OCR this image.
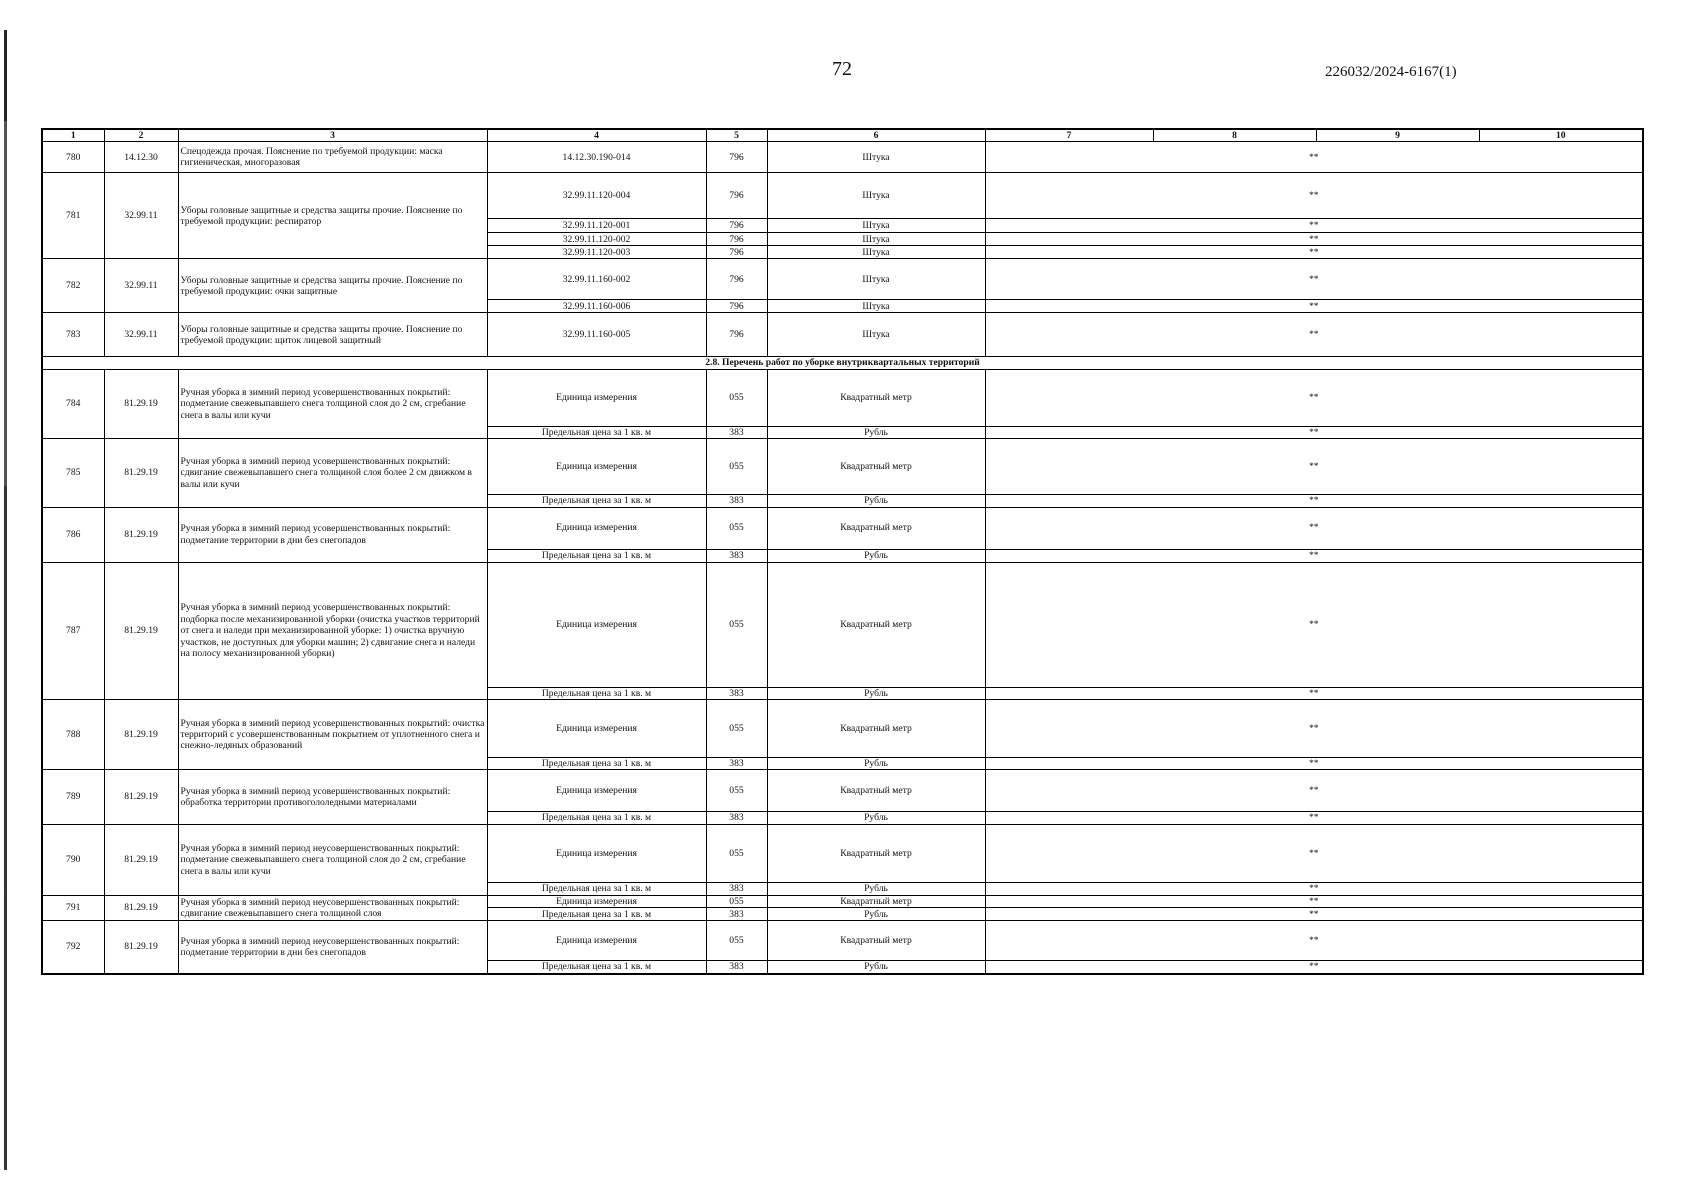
72	226032/2024-6167(1)
1	2	3	4	5	6	7	8	9	10
780	14.12.30	Спецодежда прочая. Пояснение по требуемой продукции: маска гигиеническая, многоразовая	14.12.30.190-014	796	Штука	**			
781	32.99.11	Уборы головные защитные и средства защиты прочие. Пояснение по требуемой продукции: респиратор	32.99.11.120-004	796	Штука	**			
			32.99.11.120-001	796	Штука	**			
			32.99.11.120-002	796	Штука	**			
			32.99.11.120-003	796	Штука	**			
782	32.99.11	Уборы головные защитные и средства защиты прочие. Пояснение по требуемой продукции: очки защитные	32.99.11.160-002	796	Штука	**			
			32.99.11.160-006	796	Штука	**			
783	32.99.11	Уборы головные защитные и средства защиты прочие. Пояснение по требуемой продукции: щиток лицевой защитный	32.99.11.160-005	796	Штука	**			
2.8. Перечень работ по уборке внутриквартальных территорий									
784	81.29.19	Ручная уборка в зимний период усовершенствованных покрытий: подметание свежевыпавшего снега толщиной слоя до 2 см, сгребание снега в валы или кучи	Единица измерения	055	Квадратный метр	**			
			Предельная цена за 1 кв. м	383	Рубль	**			
785	81.29.19	Ручная уборка в зимний период усовершенствованных покрытий: сдвигание свежевыпавшего снега толщиной слоя более 2 см движком в валы или кучи	Единица измерения	055	Квадратный метр	**			
			Предельная цена за 1 кв. м	383	Рубль	**			
786	81.29.19	Ручная уборка в зимний период усовершенствованных покрытий: подметание территории в дни без снегопадов	Единица измерения	055	Квадратный метр	**			
			Предельная цена за 1 кв. м	383	Рубль	**			
787	81.29.19	Ручная уборка в зимний период усовершенствованных покрытий: подборка после механизированной уборки (очистка участков территорий от снега и наледи при механизированной уборке: 1) очистка вручную участков, не доступных для уборки машин; 2) сдвигание снега и наледи на полосу механизированной уборки)	Единица измерения	055	Квадратный метр	**			
			Предельная цена за 1 кв. м	383	Рубль	**			
788	81.29.19	Ручная уборка в зимний период усовершенствованных покрытий: очистка территорий с усовершенствованным покрытием от уплотненного снега и снежно-ледяных образований	Единица измерения	055	Квадратный метр	**			
			Предельная цена за 1 кв. м	383	Рубль	**			
789	81.29.19	Ручная уборка в зимний период усовершенствованных покрытий: обработка территории противогололедными материалами	Единица измерения	055	Квадратный метр	**			
			Предельная цена за 1 кв. м	383	Рубль	**			
790	81.29.19	Ручная уборка в зимний период неусовершенствованных покрытий: подметание свежевыпавшего снега толщиной слоя до 2 см, сгребание снега в валы или кучи	Единица измерения	055	Квадратный метр	**			
			Предельная цена за 1 кв. м	383	Рубль	**			
791	81.29.19	Ручная уборка в зимний период неусовершенствованных покрытий: сдвигание свежевыпавшего снега толщиной слоя	Единица измерения	055	Квадратный метр	**			
			Предельная цена за 1 кв. м	383	Рубль	**			
792	81.29.19	Ручная уборка в зимний период неусовершенствованных покрытий: подметание территории в дни без снегопадов	Единица измерения	055	Квадратный метр	**			
			Предельная цена за 1 кв. м	383	Рубль	**			
